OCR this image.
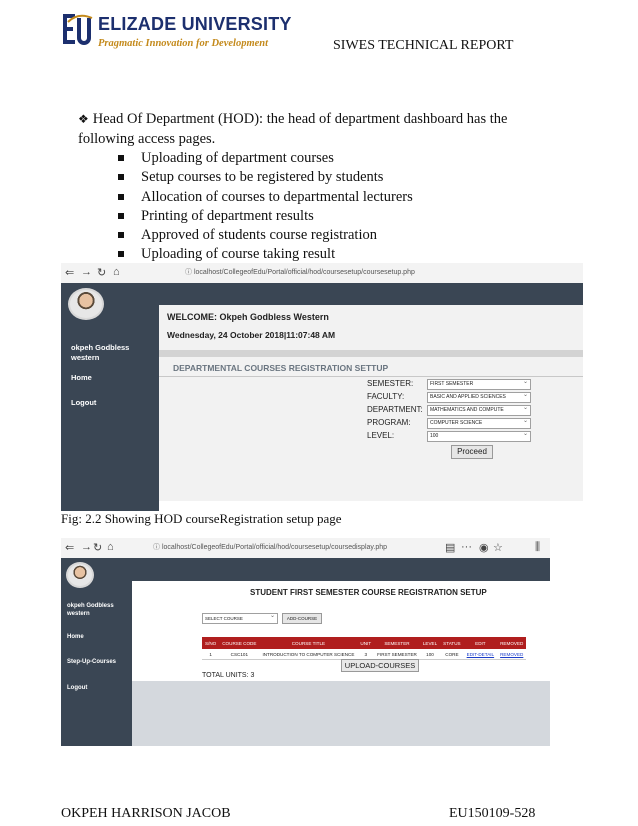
ELIZADE UNIVERSITY
Pragmatic Innovation for Development	SIWES TECHNICAL REPORT
❖ Head Of Department (HOD): the head of department dashboard has the following access pages.
Uploading of department courses
Setup courses to be registered by students
Allocation of courses to departmental lecturers
Printing of department results
Approved of students course registration
Uploading of course taking result
⇐ → ↻ ⌂	ⓘ localhost/CollegeofEdu/Portal/official/hod/coursesetup/coursesetup.php
okpeh Godbless western
Home
Logout
WELCOME: Okpeh Godbless Western
Wednesday, 24 October 2018|11:07:48 AM
DEPARTMENTAL COURSES REGISTRATION SETTUP
SEMESTER:	FIRST SEMESTER ⌄
FACULTY:	BASIC AND APPLIED SCIENCES ⌄
DEPARTMENT:	MATHEMATICS AND COMPUTE ⌄
PROGRAM:	COMPUTER SCIENCE ⌄
LEVEL:	100 ⌄
Proceed
Fig: 2.2 Showing HOD courseRegistration setup page
⇐ → ↻ ⌂	ⓘ localhost/CollegeofEdu/Portal/official/hod/coursesetup/coursedisplay.php	▤ ··· ◉ ☆	⫼
okpeh Godbless western
Home
Step-Up-Courses
Logout
STUDENT FIRST SEMESTER COURSE REGISTRATION SETUP
SELECT COURSE ⌄	ADD-COURSE
S/NO	COURSE CODE	COURSE TITLE	UNIT	SEMESTER	LEVEL	STATUS	EDIT	REMOVED
1	CSC101	INTRODUCTION TO COMPUTER SCIENCE	3	FIRST SEMESTER	100	CORE	EDIT-DETAIL	REMOVED
UPLOAD-COURSES
TOTAL UNITS: 3
OKPEH HARRISON JACOB	EU150109-528
